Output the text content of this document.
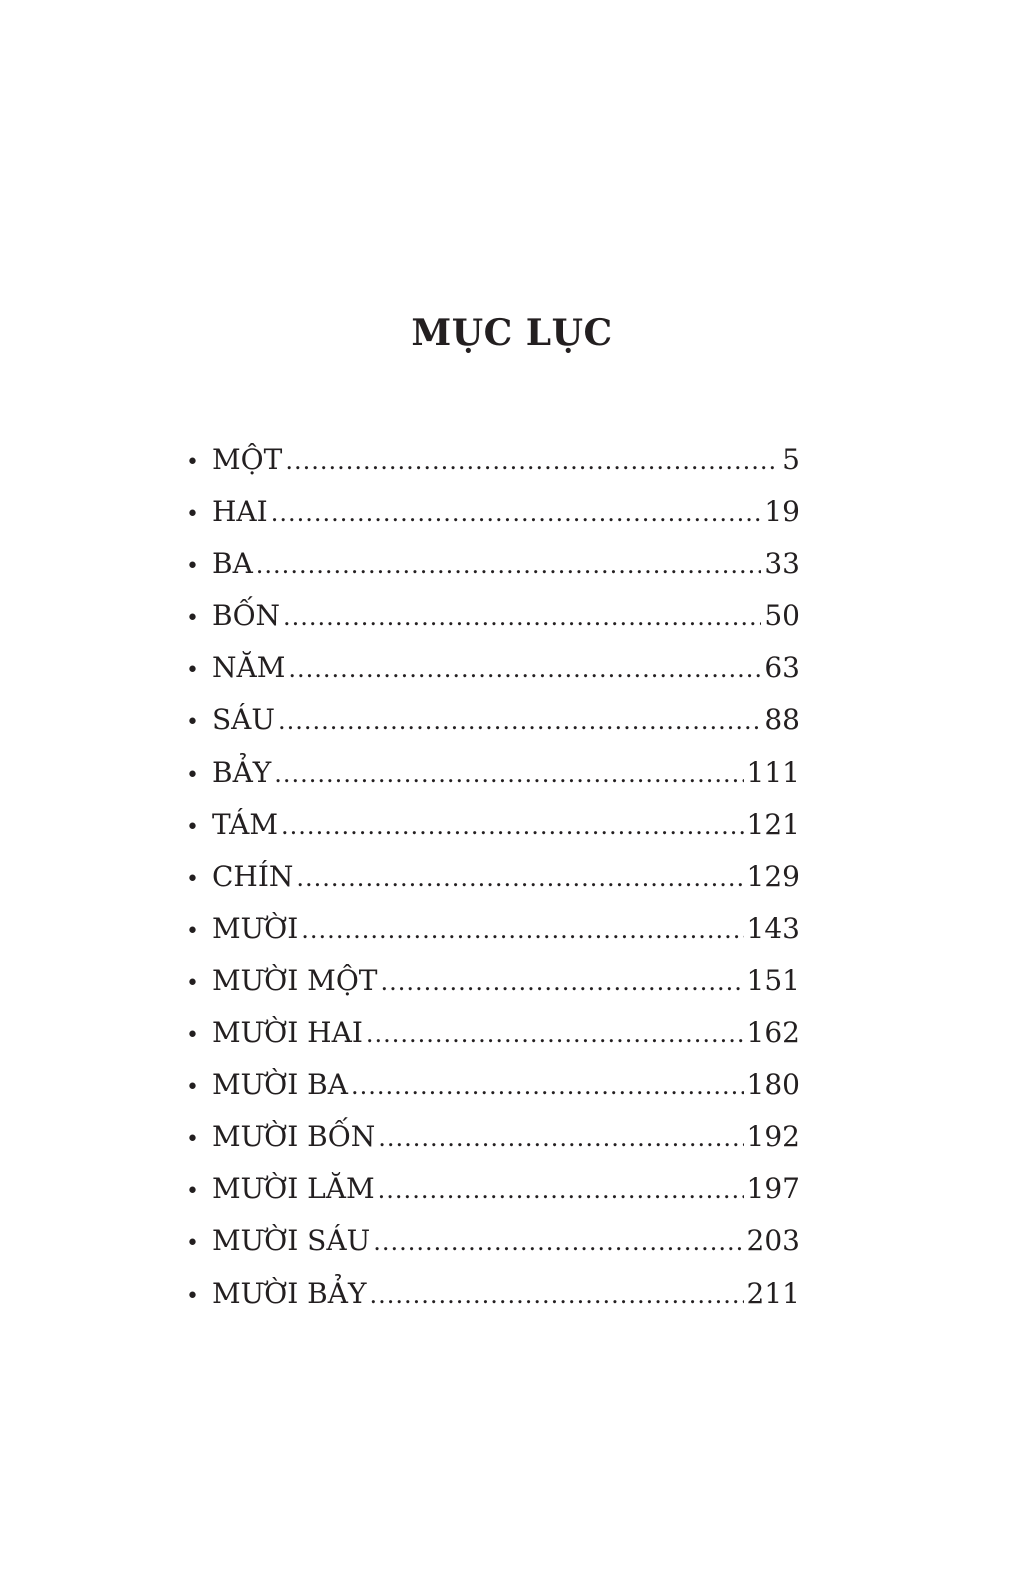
MỤC LỤC
• MỘT .....	5
• HAI .....	19
• BA .....	33
• BỐN .....	50
• NĂM .....	63
• SÁU .....	88
• BẢY .....	111
• TÁM .....	121
• CHÍN .....	129
• MƯỜI .....	143
• MƯỜI MỘT .....	151
• MƯỜI HAI .....	162
• MƯỜI BA .....	180
• MƯỜI BỐN .....	192
• MƯỜI LĂM .....	197
• MƯỜI SÁU .....	203
• MƯỜI BẢY .....	211
